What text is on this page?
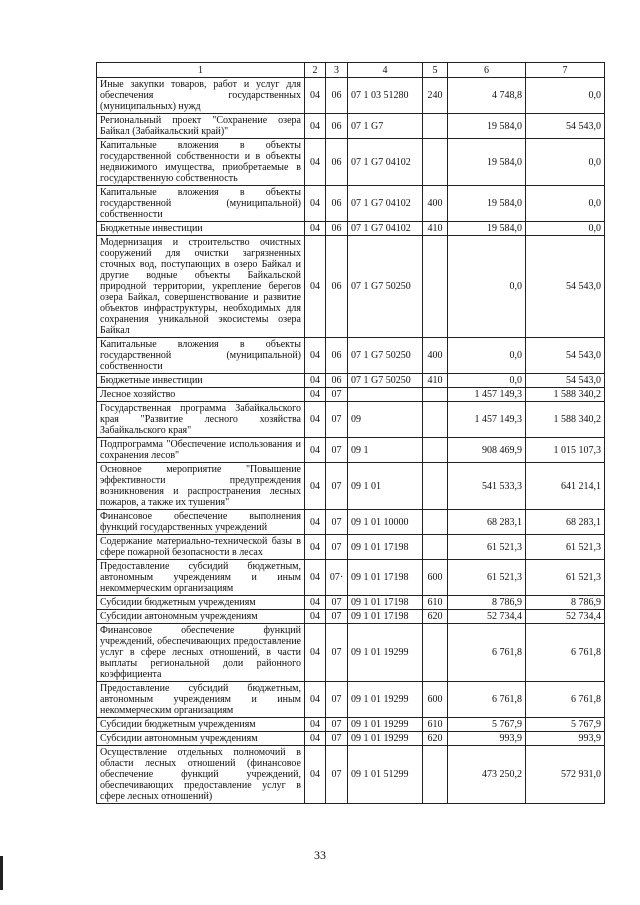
1	2	3	4	5	6	7
Иные закупки товаров, работ и услуг для обеспечения государственных (муниципальных) нужд	04	06	07 1 03 51280	240	4 748,8	0,0
Региональный проект "Сохранение озера Байкал (Забайкальский край)"	04	06	07 1 G7		19 584,0	54 543,0
Капитальные вложения в объекты государственной собственности и в объекты недвижимого имущества, приобретаемые в государственную собственность	04	06	07 1 G7 04102		19 584,0	0,0
Капитальные вложения в объекты государственной (муниципальной) собственности	04	06	07 1 G7 04102	400	19 584,0	0,0
Бюджетные инвестиции	04	06	07 1 G7 04102	410	19 584,0	0,0
Модернизация и строительство очистных сооружений для очистки загрязненных сточных вод, поступающих в озеро Байкал и другие водные объекты Байкальской природной территории, укрепление берегов озера Байкал, совершенствование и развитие объектов инфраструктуры, необходимых для сохранения уникальной экосистемы озера Байкал	04	06	07 1 G7 50250		0,0	54 543,0
Капитальные вложения в объекты государственной (муниципальной) собственности	04	06	07 1 G7 50250	400	0,0	54 543,0
Бюджетные инвестиции	04	06	07 1 G7 50250	410	0,0	54 543,0
Лесное хозяйство	04	07			1 457 149,3	1 588 340,2
Государственная программа Забайкальского края "Развитие лесного хозяйства Забайкальского края"	04	07	09		1 457 149,3	1 588 340,2
Подпрограмма "Обеспечение использования и сохранения лесов"	04	07	09 1		908 469,9	1 015 107,3
Основное мероприятие "Повышение эффективности предупреждения возникновения и распространения лесных пожаров, а также их тушения"	04	07	09 1 01		541 533,3	641 214,1
Финансовое обеспечение выполнения функций государственных учреждений	04	07	09 1 01 10000		68 283,1	68 283,1
Содержание материально-технической базы в сфере пожарной безопасности в лесах	04	07	09 1 01 17198		61 521,3	61 521,3
Предоставление субсидий бюджетным, автономным учреждениям и иным некоммерческим организациям	04	07·	09 1 01 17198	600	61 521,3	61 521,3
Субсидии бюджетным учреждениям	04	07	09 1 01 17198	610	8 786,9	8 786,9
Субсидии автономным учреждениям	04	07	09 1 01 17198	620	52 734,4	52 734,4
Финансовое обеспечение функций учреждений, обеспечивающих предоставление услуг в сфере лесных отношений, в части выплаты региональной доли районного коэффициента	04	07	09 1 01 19299		6 761,8	6 761,8
Предоставление субсидий бюджетным, автономным учреждениям и иным некоммерческим организациям	04	07	09 1 01 19299	600	6 761,8	6 761,8
Субсидии бюджетным учреждениям	04	07	09 1 01 19299	610	5 767,9	5 767,9
Субсидии автономным учреждениям	04	07	09 1 01 19299	620	993,9	993,9
Осуществление отдельных полномочий в области лесных отношений (финансовое обеспечение функций учреждений, обеспечивающих предоставление услуг в сфере лесных отношений)	04	07	09 1 01 51299		473 250,2	572 931,0
33
